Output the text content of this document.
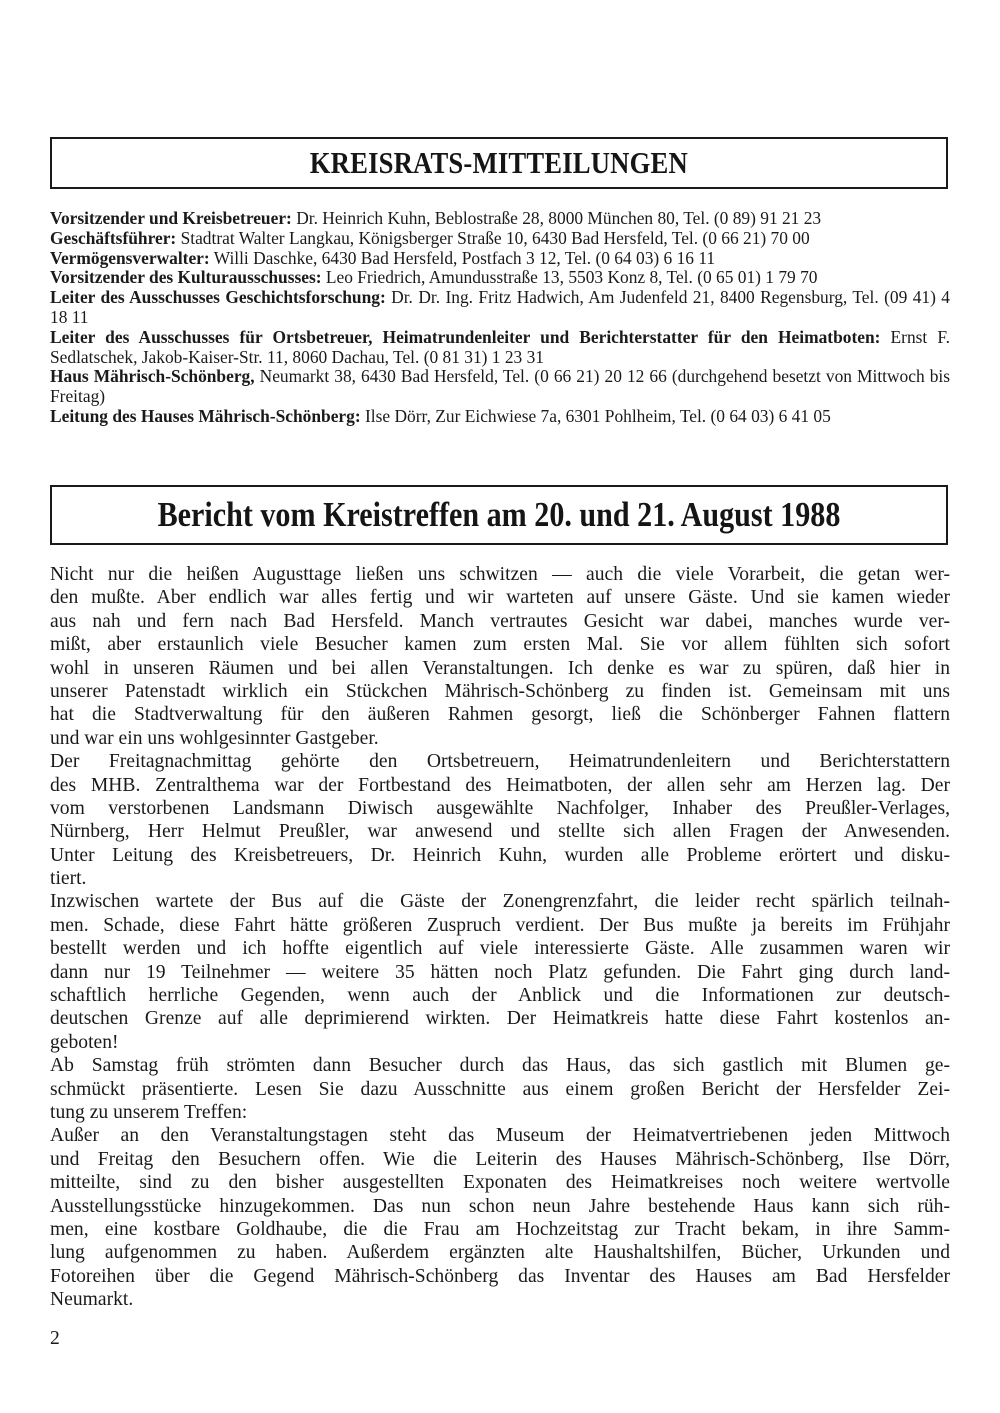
KREISRATS-MITTEILUNGEN
Vorsitzender und Kreisbetreuer: Dr. Heinrich Kuhn, Beblostraße 28, 8000 München 80, Tel. (0 89) 91 21 23
Geschäftsführer: Stadtrat Walter Langkau, Königsberger Straße 10, 6430 Bad Hersfeld, Tel. (0 66 21) 70 00
Vermögensverwalter: Willi Daschke, 6430 Bad Hersfeld, Postfach 3 12, Tel. (0 64 03) 6 16 11
Vorsitzender des Kulturausschusses: Leo Friedrich, Amundusstraße 13, 5503 Konz 8, Tel. (0 65 01) 1 79 70
Leiter des Ausschusses Geschichtsforschung: Dr. Dr. Ing. Fritz Hadwich, Am Judenfeld 21, 8400 Regensburg, Tel. (09 41) 4 18 11
Leiter des Ausschusses für Ortsbetreuer, Heimatrundenleiter und Berichterstatter für den Heimatboten: Ernst F. Sedlatschek, Jakob-Kaiser-Str. 11, 8060 Dachau, Tel. (0 81 31) 1 23 31
Haus Mährisch-Schönberg, Neumarkt 38, 6430 Bad Hersfeld, Tel. (0 66 21) 20 12 66 (durchgehend besetzt von Mittwoch bis Freitag)
Leitung des Hauses Mährisch-Schönberg: Ilse Dörr, Zur Eichwiese 7a, 6301 Pohlheim, Tel. (0 64 03) 6 41 05
Bericht vom Kreistreffen am 20. und 21. August 1988
Nicht nur die heißen Augusttage ließen uns schwitzen — auch die viele Vorarbeit, die getan wer-
den mußte. Aber endlich war alles fertig und wir warteten auf unsere Gäste. Und sie kamen wieder
aus nah und fern nach Bad Hersfeld. Manch vertrautes Gesicht war dabei, manches wurde ver-
mißt, aber erstaunlich viele Besucher kamen zum ersten Mal. Sie vor allem fühlten sich sofort
wohl in unseren Räumen und bei allen Veranstaltungen. Ich denke es war zu spüren, daß hier in
unserer Patenstadt wirklich ein Stückchen Mährisch-Schönberg zu finden ist. Gemeinsam mit uns
hat die Stadtverwaltung für den äußeren Rahmen gesorgt, ließ die Schönberger Fahnen flattern
und war ein uns wohlgesinnter Gastgeber.
Der Freitagnachmittag gehörte den Ortsbetreuern, Heimatrundenleitern und Berichterstattern
des MHB. Zentralthema war der Fortbestand des Heimatboten, der allen sehr am Herzen lag. Der
vom verstorbenen Landsmann Diwisch ausgewählte Nachfolger, Inhaber des Preußler-Verlages,
Nürnberg, Herr Helmut Preußler, war anwesend und stellte sich allen Fragen der Anwesenden.
Unter Leitung des Kreisbetreuers, Dr. Heinrich Kuhn, wurden alle Probleme erörtert und disku-
tiert.
Inzwischen wartete der Bus auf die Gäste der Zonengrenzfahrt, die leider recht spärlich teilnah-
men. Schade, diese Fahrt hätte größeren Zuspruch verdient. Der Bus mußte ja bereits im Frühjahr
bestellt werden und ich hoffte eigentlich auf viele interessierte Gäste. Alle zusammen waren wir
dann nur 19 Teilnehmer — weitere 35 hätten noch Platz gefunden. Die Fahrt ging durch land-
schaftlich herrliche Gegenden, wenn auch der Anblick und die Informationen zur deutsch-
deutschen Grenze auf alle deprimierend wirkten. Der Heimatkreis hatte diese Fahrt kostenlos an-
geboten!
Ab Samstag früh strömten dann Besucher durch das Haus, das sich gastlich mit Blumen ge-
schmückt präsentierte. Lesen Sie dazu Ausschnitte aus einem großen Bericht der Hersfelder Zei-
tung zu unserem Treffen:
Außer an den Veranstaltungstagen steht das Museum der Heimatvertriebenen jeden Mittwoch
und Freitag den Besuchern offen. Wie die Leiterin des Hauses Mährisch-Schönberg, Ilse Dörr,
mitteilte, sind zu den bisher ausgestellten Exponaten des Heimatkreises noch weitere wertvolle
Ausstellungsstücke hinzugekommen. Das nun schon neun Jahre bestehende Haus kann sich rüh-
men, eine kostbare Goldhaube, die die Frau am Hochzeitstag zur Tracht bekam, in ihre Samm-
lung aufgenommen zu haben. Außerdem ergänzten alte Haushaltshilfen, Bücher, Urkunden und
Fotoreihen über die Gegend Mährisch-Schönberg das Inventar des Hauses am Bad Hersfelder
Neumarkt.
2
